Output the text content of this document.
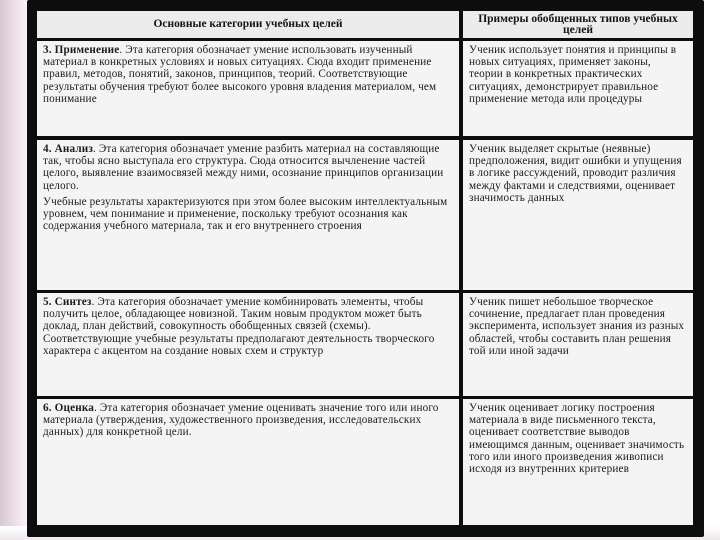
Основные категории учебных целей	Примеры обобщенных типов учебных целей

3. Применение. Эта категория обозначает умение использовать изученный материал в конкретных условиях и новых ситуациях. Сюда входит применение правил, методов, понятий, законов, принципов, теорий. Соответствующие результаты обучения требуют более высокого уровня владения материалом, чем понимание

Ученик использует понятия и принципы в новых ситуациях, применяет законы, теории в конкретных практических ситуациях, демонстрирует правильное применение метода или процедуры

4. Анализ. Эта категория обозначает умение разбить материал на составляющие так, чтобы ясно выступала его структура. Сюда относится вычленение частей целого, выявление взаимосвязей между ними, осознание принципов организации целого.

Учебные результаты характеризуются при этом более высоким интеллектуальным уровнем, чем понимание и применение, поскольку требуют осознания как содержания учебного материала, так и его внутреннего строения

Ученик выделяет скрытые (неявные) предположения, видит ошибки и упущения в логике рассуждений, проводит различия между фактами и следствиями, оценивает значимость данных

5. Синтез. Эта категория обозначает умение комбинировать элементы, чтобы получить целое, обладающее новизной. Таким новым продуктом может быть доклад, план действий, совокупность обобщенных связей (схемы). Соответствующие учебные результаты предполагают деятельность творческого характера с акцентом на создание новых схем и структур

Ученик пишет небольшое творческое сочинение, предлагает план проведения эксперимента, использует знания из разных областей, чтобы составить план решения той или иной задачи

6. Оценка. Эта категория обозначает умение оценивать значение того или иного материала (утверждения, художественного произведения, исследовательских данных) для конкретной цели.

Ученик оценивает логику построения материала в виде письменного текста, оценивает соответствие выводов имеющимся данным, оценивает значимость того или иного произведения живописи исходя из внутренних критериев
